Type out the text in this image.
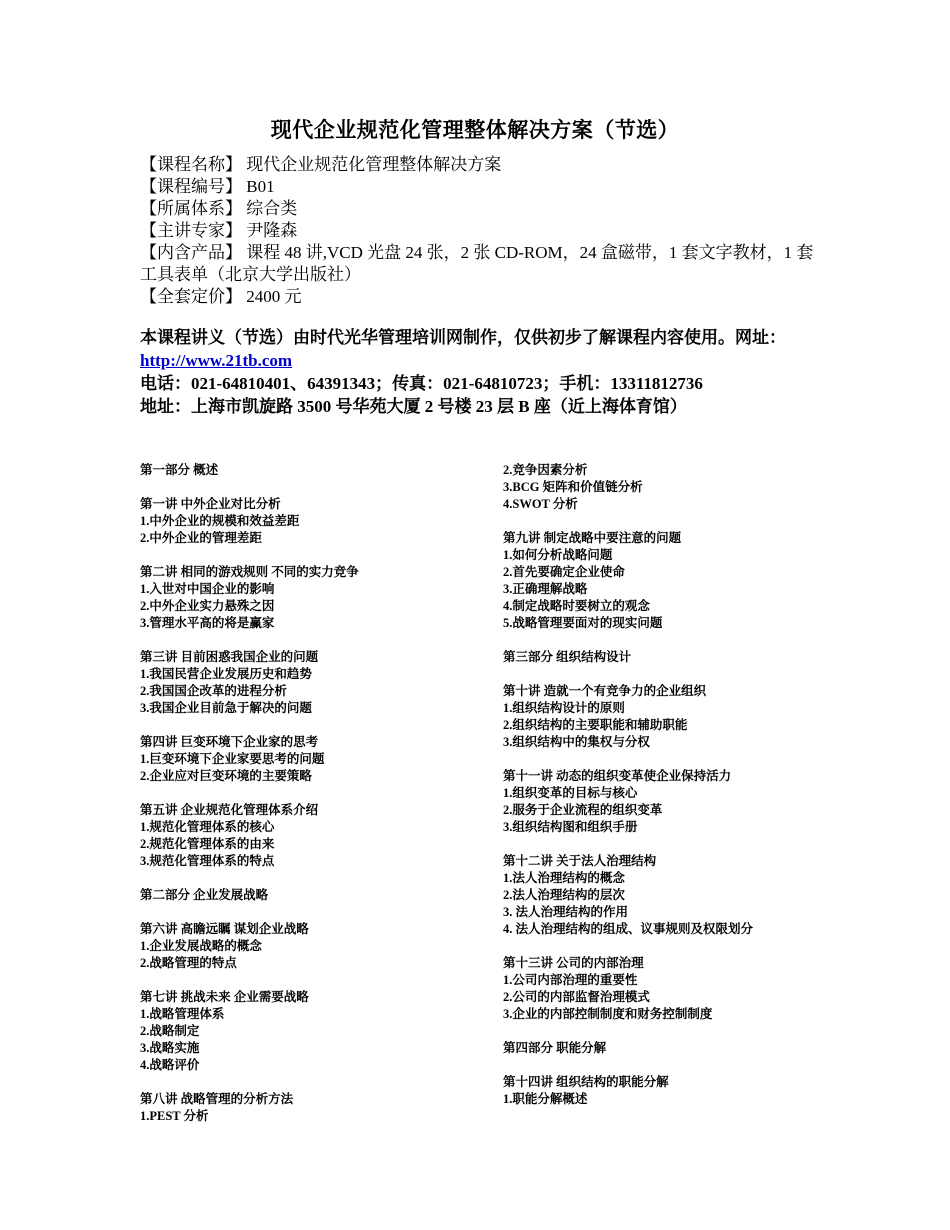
现代企业规范化管理整体解决方案（节选）
【课程名称】 现代企业规范化管理整体解决方案
【课程编号】 B01
【所属体系】 综合类
【主讲专家】 尹隆森
【内含产品】 课程 48 讲,VCD 光盘 24 张，2 张 CD-ROM，24 盒磁带，1 套文字教材，1 套工具表单（北京大学出版社）
【全套定价】 2400 元
本课程讲义（节选）由时代光华管理培训网制作，仅供初步了解课程内容使用。网址：http://www.21tb.com
电话：021-64810401、64391343；传真：021-64810723；手机：13311812736
地址：上海市凯旋路 3500 号华苑大厦 2 号楼 23 层 B 座（近上海体育馆）
第一部分 概述
第一讲 中外企业对比分析
1.中外企业的规模和效益差距
2.中外企业的管理差距
第二讲 相同的游戏规则 不同的实力竞争
1.入世对中国企业的影响
2.中外企业实力悬殊之因
3.管理水平高的将是赢家
第三讲 目前困惑我国企业的问题
1.我国民营企业发展历史和趋势
2.我国国企改革的进程分析
3.我国企业目前急于解决的问题
第四讲 巨变环境下企业家的思考
1.巨变环境下企业家要思考的问题
2.企业应对巨变环境的主要策略
第五讲 企业规范化管理体系介绍
1.规范化管理体系的核心
2.规范化管理体系的由来
3.规范化管理体系的特点
第二部分 企业发展战略
第六讲 高瞻远瞩 谋划企业战略
1.企业发展战略的概念
2.战略管理的特点
第七讲 挑战未来 企业需要战略
1.战略管理体系
2.战略制定
3.战略实施
4.战略评价
第八讲 战略管理的分析方法
1.PEST 分析
2.竞争因素分析
3.BCG 矩阵和价值链分析
4.SWOT 分析
第九讲 制定战略中要注意的问题
1.如何分析战略问题
2.首先要确定企业使命
3.正确理解战略
4.制定战略时要树立的观念
5.战略管理要面对的现实问题
第三部分 组织结构设计
第十讲 造就一个有竞争力的企业组织
1.组织结构设计的原则
2.组织结构的主要职能和辅助职能
3.组织结构中的集权与分权
第十一讲 动态的组织变革使企业保持活力
1.组织变革的目标与核心
2.服务于企业流程的组织变革
3.组织结构图和组织手册
第十二讲 关于法人治理结构
1.法人治理结构的概念
2.法人治理结构的层次
3. 法人治理结构的作用
4. 法人治理结构的组成、议事规则及权限划分
第十三讲 公司的内部治理
1.公司内部治理的重要性
2.公司的内部监督治理模式
3.企业的内部控制制度和财务控制制度
第四部分 职能分解
第十四讲 组织结构的职能分解
1.职能分解概述
